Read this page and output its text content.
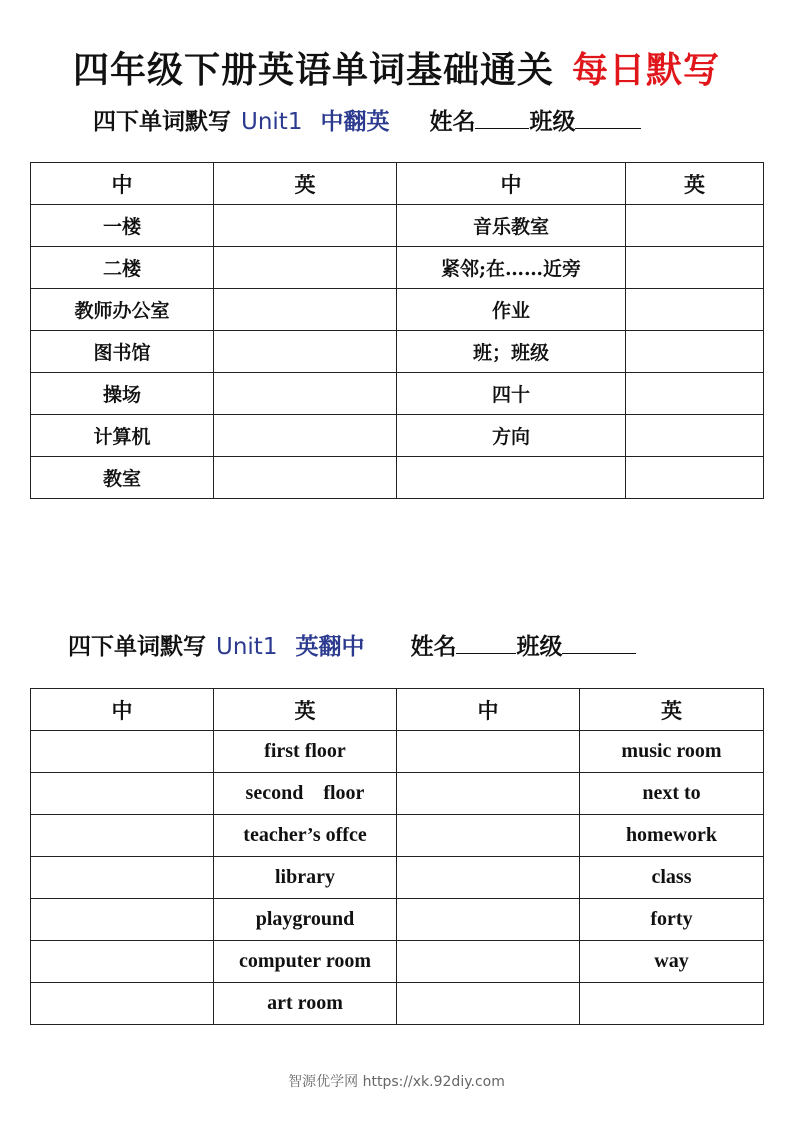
四年级下册英语单词基础通关 每日默写
四下单词默写 Unit1 中翻英 姓名 班级
中	英	中	英
一楼		音乐教室	
二楼		紧邻;在……近旁	
教师办公室		作业	
图书馆		班；班级	
操场		四十	
计算机		方向	
教室			
四下单词默写 Unit1 英翻中 姓名	班级
中	英	中	英
	first floor		music room
	second    floor		next to
	teacher’s offce		homework
	library		class
	playground		forty
	computer room		way
	art room		
智源优学网 https://xk.92diy.com
